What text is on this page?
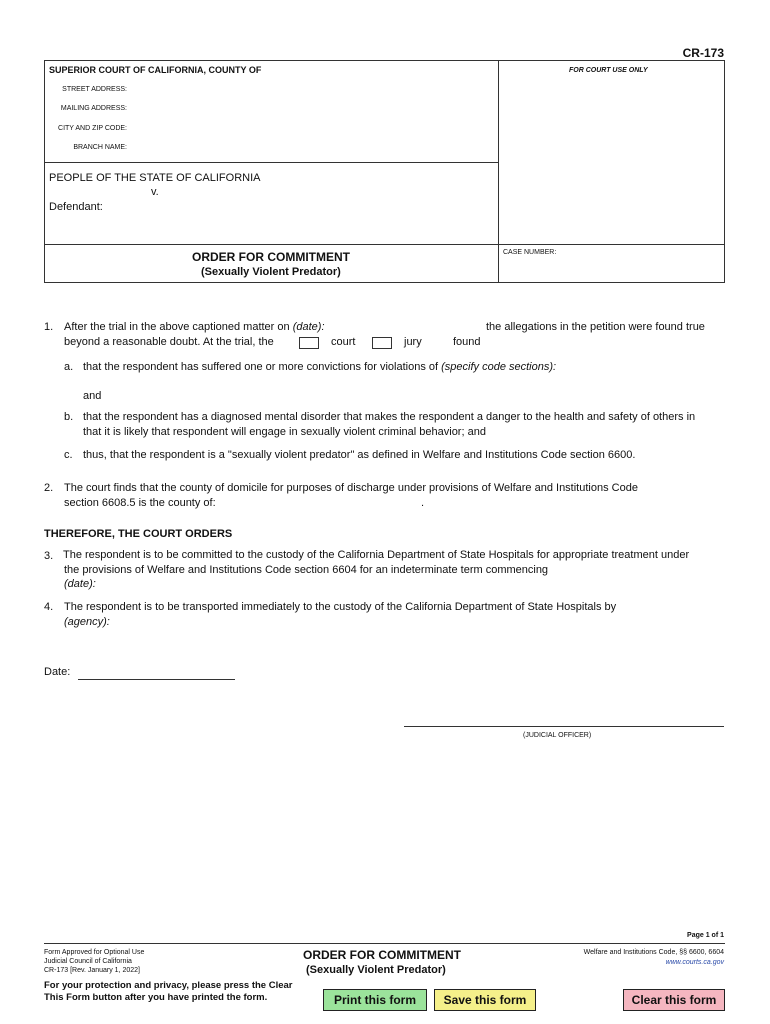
CR-173
SUPERIOR COURT OF CALIFORNIA, COUNTY OF	FOR COURT USE ONLY
STREET ADDRESS:
MAILING ADDRESS:
CITY AND ZIP CODE:
BRANCH NAME:
PEOPLE OF THE STATE OF CALIFORNIA
v.
Defendant:
ORDER FOR COMMITMENT
(Sexually Violent Predator)
CASE NUMBER:
1. After the trial in the above captioned matter on (date):	the allegations in the petition were found true
beyond a reasonable doubt. At the trial, the	court	jury	found
a. that the respondent has suffered one or more convictions for violations of (specify code sections):
and
b. that the respondent has a diagnosed mental disorder that makes the respondent a danger to the health and safety of others in
that it is likely that respondent will engage in sexually violent criminal behavior; and
c. thus, that the respondent is a "sexually violent predator" as defined in Welfare and Institutions Code section 6600.
2. The court finds that the county of domicile for purposes of discharge under provisions of Welfare and Institutions Code
section 6608.5 is the county of:	.
THEREFORE, THE COURT ORDERS
3. The respondent is to be committed to the custody of the California Department of State Hospitals for appropriate treatment under
the provisions of Welfare and Institutions Code section 6604 for an indeterminate term commencing
(date):
4. The respondent is to be transported immediately to the custody of the California Department of State Hospitals by
(agency):
Date:
(JUDICIAL OFFICER)
Page 1 of 1
Form Approved for Optional Use
Judicial Council of California
CR-173 [Rev. January 1, 2022]
ORDER FOR COMMITMENT
(Sexually Violent Predator)
Welfare and Institutions Code, §§ 6600, 6604
www.courts.ca.gov
For your protection and privacy, please press the Clear
This Form button after you have printed the form.	Print this form	Save this form	Clear this form
